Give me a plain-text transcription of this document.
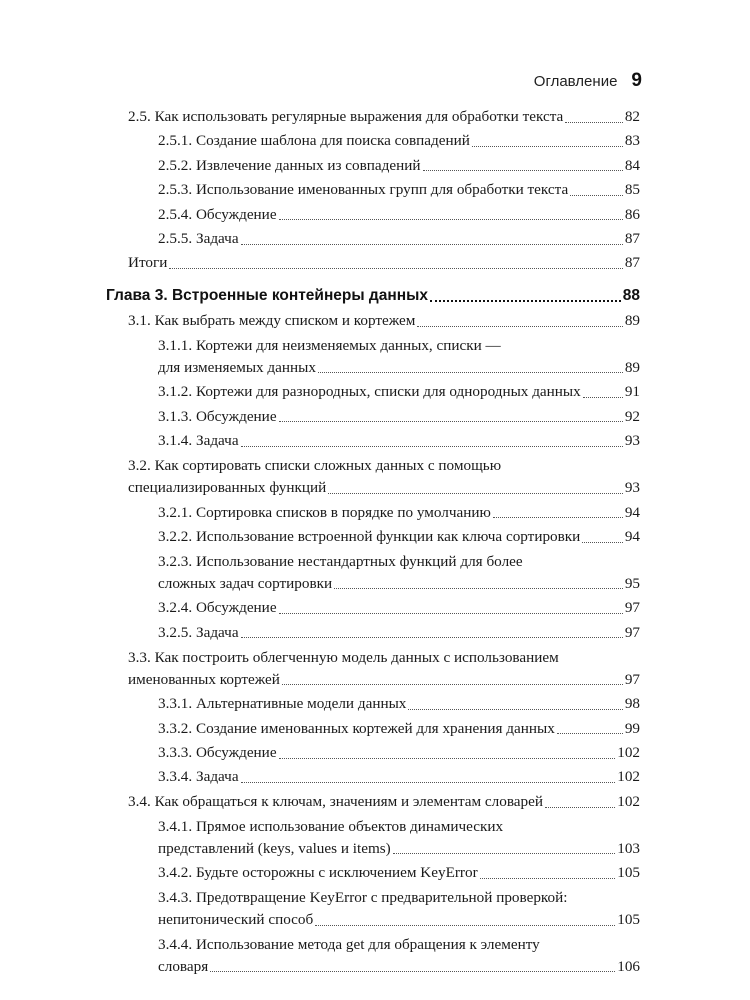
Оглавление 9
2.5. Как использовать регулярные выражения для обработки текста	82
2.5.1. Создание шаблона для поиска совпадений	83
2.5.2. Извлечение данных из совпадений	84
2.5.3. Использование именованных групп для обработки текста	85
2.5.4. Обсуждение	86
2.5.5. Задача	87
Итоги	87
Глава 3. Встроенные контейнеры данных	88
3.1. Как выбрать между списком и кортежем	89
3.1.1. Кортежи для неизменяемых данных, списки —
для изменяемых данных	89
3.1.2. Кортежи для разнородных, списки для однородных данных	91
3.1.3. Обсуждение	92
3.1.4. Задача	93
3.2. Как сортировать списки сложных данных с помощью
специализированных функций	93
3.2.1. Сортировка списков в порядке по умолчанию	94
3.2.2. Использование встроенной функции как ключа сортировки	94
3.2.3. Использование нестандартных функций для более
сложных задач сортировки	95
3.2.4. Обсуждение	97
3.2.5. Задача	97
3.3. Как построить облегченную модель данных с использованием
именованных кортежей	97
3.3.1. Альтернативные модели данных	98
3.3.2. Создание именованных кортежей для хранения данных	99
3.3.3. Обсуждение	102
3.3.4. Задача	102
3.4. Как обращаться к ключам, значениям и элементам словарей	102
3.4.1. Прямое использование объектов динамических
представлений (keys, values и items)	103
3.4.2. Будьте осторожны с исключением KeyError	105
3.4.3. Предотвращение KeyError с предварительной проверкой:
непитонический способ	105
3.4.4. Использование метода get для обращения к элементу
словаря	106
